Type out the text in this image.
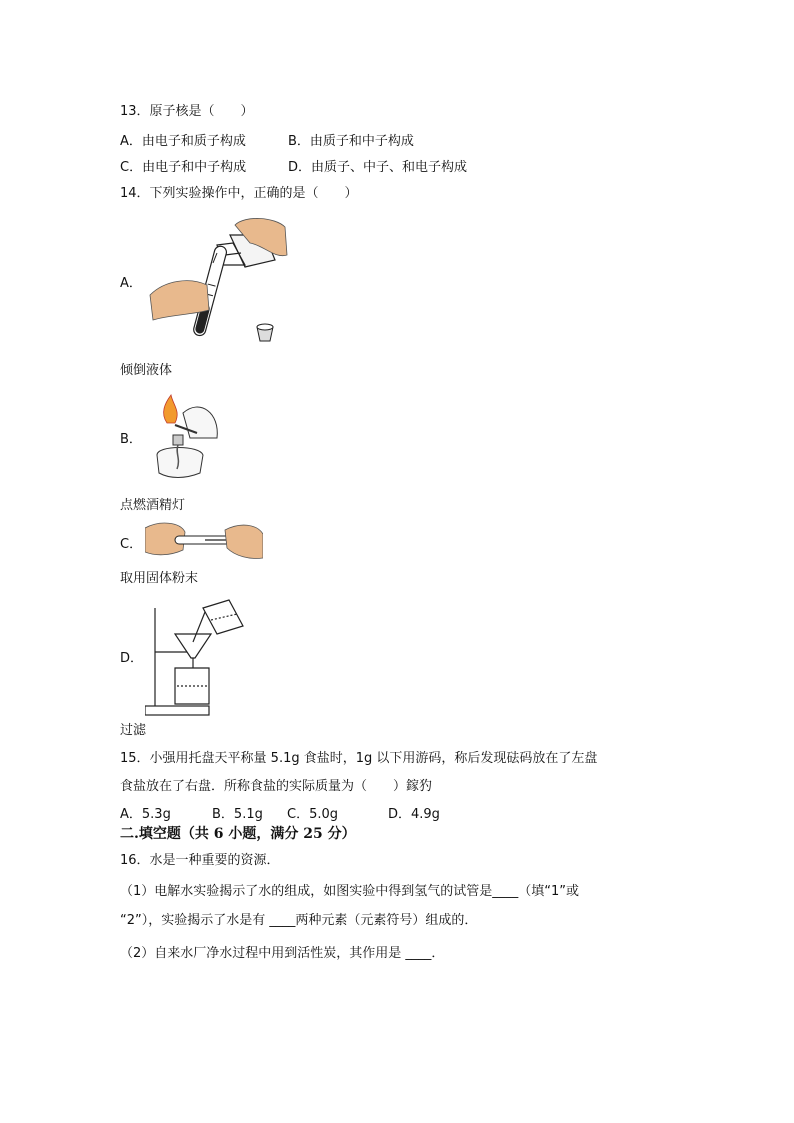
13．原子核是（　　）
A．由电子和质子构成	B．由质子和中子构成
C．由电子和中子构成	D．由质子、中子、和电子构成
14．下列实验操作中，正确的是（　　）
A．
倾倒液体
B．
点燃酒精灯
C．
取用固体粉末
D．
过滤
15．小强用托盘天平称量 5.1g 食盐时，1g 以下用游码，称后发现砝码放在了左盘
食盐放在了右盘．所称食盐的实际质量为（　　）鎵犳
A．5.3g	B．5.1g C．5.0g	D．4.9g
二.填空题（共 6 小题，满分 25 分）
16．水是一种重要的资源．
（1）电解水实验揭示了水的组成，如图实验中得到氢气的试管是____（填“1”或
“2”），实验揭示了水是有 ____两种元素（元素符号）组成的．
（2）自来水厂净水过程中用到活性炭，其作用是 ____．
